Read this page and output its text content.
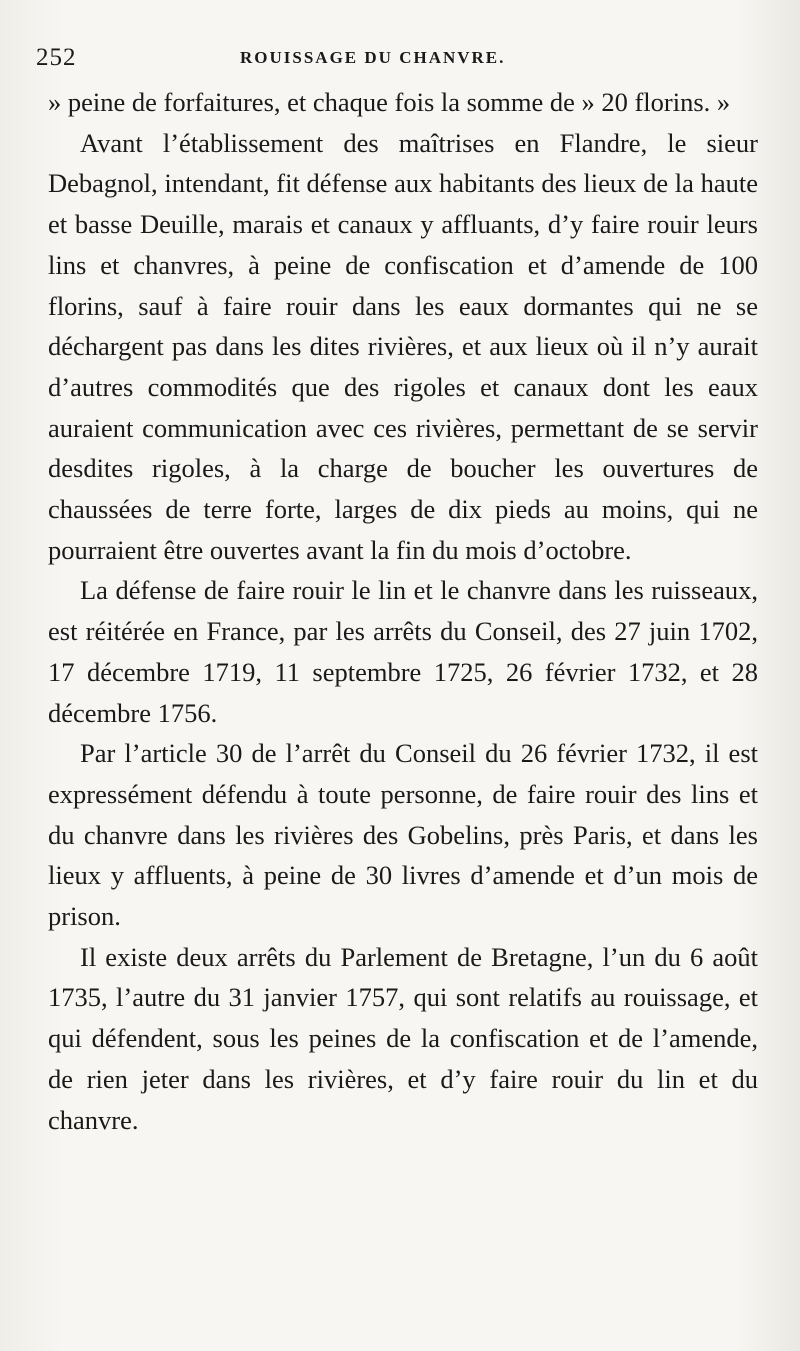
252	ROUISSAGE DU CHANVRE.

» peine de forfaitures, et chaque fois la somme de » 20 florins. »

Avant l’établissement des maîtrises en Flandre, le sieur Debagnol, intendant, fit défense aux habitants des lieux de la haute et basse Deuille, marais et canaux y affluants, d’y faire rouir leurs lins et chanvres, à peine de confiscation et d’amende de 100 florins, sauf à faire rouir dans les eaux dormantes qui ne se déchargent pas dans les dites rivières, et aux lieux où il n’y aurait d’autres commodités que des rigoles et canaux dont les eaux auraient communication avec ces rivières, permettant de se servir desdites rigoles, à la charge de boucher les ouvertures de chaussées de terre forte, larges de dix pieds au moins, qui ne pourraient être ouvertes avant la fin du mois d’octobre.

La défense de faire rouir le lin et le chanvre dans les ruisseaux, est réitérée en France, par les arrêts du Conseil, des 27 juin 1702, 17 décembre 1719, 11 septembre 1725, 26 février 1732, et 28 décembre 1756.

Par l’article 30 de l’arrêt du Conseil du 26 février 1732, il est expressément défendu à toute personne, de faire rouir des lins et du chanvre dans les rivières des Gobelins, près Paris, et dans les lieux y affluents, à peine de 30 livres d’amende et d’un mois de prison.

Il existe deux arrêts du Parlement de Bretagne, l’un du 6 août 1735, l’autre du 31 janvier 1757, qui sont relatifs au rouissage, et qui défendent, sous les peines de la confiscation et de l’amende, de rien jeter dans les rivières, et d’y faire rouir du lin et du chanvre.
